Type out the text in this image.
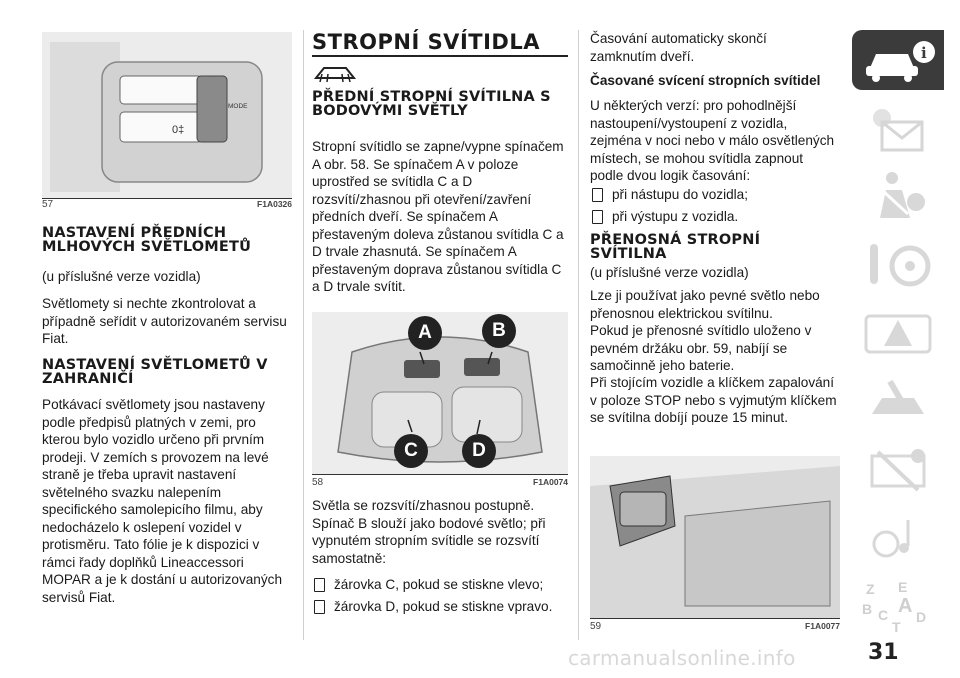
MODE
0‡
57	F1A0326
NASTAVENÍ PŘEDNÍCH MLHOVÝCH SVĚTLOMETŮ

(u příslušné verze vozidla)

Světlomety si nechte zkontrolovat a případně seřídit v autorizovaném servisu Fiat.

NASTAVENÍ SVĚTLOMETŮ V ZAHRANIČÍ

Potkávací světlomety jsou nastaveny podle předpisů platných v zemi, pro kterou bylo vozidlo určeno při prvním prodeji. V zemích s provozem na levé straně je třeba upravit nastavení světelného svazku nalepením specifického samolepicího filmu, aby nedocházelo k oslepení vozidel v protisměru. Tato fólie je k dispozici v rámci řady doplňků Lineaccessori MOPAR a je k dostání u autorizovaných servisů Fiat.

STROPNÍ SVÍTIDLA
PŘEDNÍ STROPNÍ SVÍTILNA S BODOVÝMI SVĚTLY

Stropní svítidlo se zapne/vypne spínačem A obr. 58. Se spínačem A v poloze uprostřed se svítidla C a D rozsvítí/zhasnou při otevření/zavření předních dveří. Se spínačem A přestaveným doleva zůstanou svítidla C a D trvale zhasnutá. Se spínačem A přestaveným doprava zůstanou svítidla C a D trvale svítit.

A	B
C	D
58	F1A0074

Světla se rozsvítí/zhasnou postupně. Spínač B slouží jako bodové světlo; při vypnutém stropním svítidle se rozsvítí samostatně:

žárovka C, pokud se stiskne vlevo;
žárovka D, pokud se stiskne vpravo.

Časování automaticky skončí zamknutím dveří.

Časované svícení stropních svítidel

U některých verzí: pro pohodlnější nastoupení/vystoupení z vozidla, zejména v noci nebo v málo osvětlených místech, se mohou svítidla zapnout podle dvou logik časování:

při nástupu do vozidla;
při výstupu z vozidla.
PŘENOSNÁ STROPNÍ SVÍTILNA

(u příslušné verze vozidla)

Lze ji používat jako pevné světlo nebo přenosnou elektrickou svítilnu.

Pokud je přenosné svítidlo uloženo v pevném držáku obr. 59, nabíjí se samočinně jeho baterie.

Při stojícím vozidle a klíčkem zapalování v poloze STOP nebo s vyjmutým klíčkem se svítilna dobíjí pouze 15 minut.

59	F1A0077
i
Z E
B A
C D
T
31
carmanualsonline.info
